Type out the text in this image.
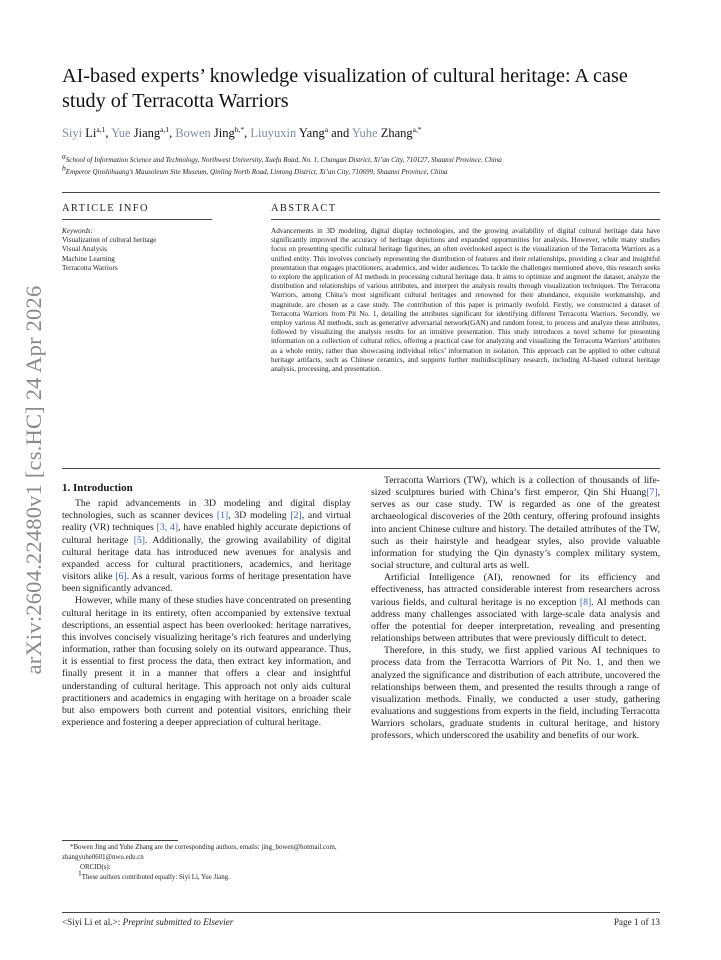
arXiv:2604.22480v1 [cs.HC] 24 Apr 2026
AI-based experts’ knowledge visualization of cultural heritage: A case study of Terracotta Warriors
Siyi Li$^{a,1}$, Yue Jiang$^{a,1}$, Bowen Jing$^{b,*}$, Liuyuxin Yang$^a$ and Yuhe Zhang$^{a,*}$
$^a$School of Information Science and Technology, Northwest University, Xuefu Road, No. 1, Changan District, Xi’an City, 710127, Shaanxi Province, China
$^b$Emperor Qinshihuang’s Mausoleum Site Museum, Qinling North Road, Lintong District, Xi’an City, 710699, Shaanxi Province, China
ARTICLE INFO	ABSTRACT
Keywords:
Visualization of cultural heritage
Visual Analysis
Machine Learning
Terracotta Warriors
Advancements in 3D modeling, digital display technologies, and the growing availability of digital cultural heritage data have significantly improved the accuracy of heritage depictions and expanded opportunities for analysis. However, while many studies focus on presenting specific cultural heritage figurines, an often overlooked aspect is the visualization of the Terracotta Warriors as a unified entity. This involves concisely representing the distribution of features and their relationships, providing a clear and insightful presentation that engages practitioners, academics, and wider audiences. To tackle the challenges mentioned above, this research seeks to explore the application of AI methods in processing cultural heritage data. It aims to optimize and augment the dataset, analyze the distribution and relationships of various attributes, and interpret the analysis results through visualization techniques. The Terracotta Warriors, among China’s most significant cultural heritages and renowned for their abundance, exquisite workmanship, and magnitude, are chosen as a case study. The contribution of this paper is primarily twofold. Firstly, we constructed a dataset of Terracotta Warriors from Pit No. 1, detailing the attributes significant for identifying different Terracotta Warriors. Secondly, we employ various AI methods, such as generative adversarial network(GAN) and random forest, to process and analyze these attributes, followed by visualizing the analysis results for an intuitive presentation. This study introduces a novel scheme for presenting information on a collection of cultural relics, offering a practical case for analyzing and visualizing the Terracotta Warriors’ attributes as a whole entity, rather than showcasing individual relics’ information in isolation. This approach can be applied to other cultural heritage artifacts, such as Chinese ceramics, and supports further multidisciplinary research, including AI-based cultural heritage analysis, processing, and presentation.
1. Introduction

The rapid advancements in 3D modeling and digital display technologies, such as scanner devices [1], 3D modeling [2], and virtual reality (VR) techniques [3, 4], have enabled highly accurate depictions of cultural heritage [5]. Additionally, the growing availability of digital cultural heritage data has introduced new avenues for analysis and expanded access for cultural practitioners, academics, and heritage visitors alike [6]. As a result, various forms of heritage presentation have been significantly advanced.

However, while many of these studies have concentrated on presenting cultural heritage in its entirety, often accompanied by extensive textual descriptions, an essential aspect has been overlooked: heritage narratives, this involves concisely visualizing heritage’s rich features and underlying information, rather than focusing solely on its outward appearance. Thus, it is essential to first process the data, then extract key information, and finally present it in a manner that offers a clear and insightful understanding of cultural heritage. This approach not only aids cultural practitioners and academics in engaging with heritage on a broader scale but also empowers both current and potential visitors, enriching their experience and fostering a deeper appreciation of cultural heritage.

Terracotta Warriors (TW), which is a collection of thousands of life-sized sculptures buried with China’s first emperor, Qin Shi Huang[7], serves as our case study. TW is regarded as one of the greatest archaeological discoveries of the 20th century, offering profound insights into ancient Chinese culture and history. The detailed attributes of the TW, such as their hairstyle and headgear styles, also provide valuable information for studying the Qin dynasty’s complex military system, social structure, and cultural arts as well.

Artificial Intelligence (AI), renowned for its efficiency and effectiveness, has attracted considerable interest from researchers across various fields, and cultural heritage is no exception [8]. AI methods can address many challenges associated with large-scale data analysis and offer the potential for deeper interpretation, revealing and presenting relationships between attributes that were previously difficult to detect.

Therefore, in this study, we first applied various AI techniques to process data from the Terracotta Warriors of Pit No. 1, and then we analyzed the significance and distribution of each attribute, uncovered the relationships between them, and presented the results through a range of visualization methods. Finally, we conducted a user study, gathering evaluations and suggestions from experts in the field, including Terracotta Warriors scholars, graduate students in cultural heritage, and history professors, which underscored the usability and benefits of our work.

*Bowen Jing and Yuhe Zhang are the corresponding authors, emails: jing_bowen@hotmail.com, zhangyuhe0601@nwu.edu.cn
ORCID(s):
$^1$These authors contributed equally: Siyi Li, Yue Jiang.
<Siyi Li et al.>: Preprint submitted to Elsevier	Page 1 of 13
